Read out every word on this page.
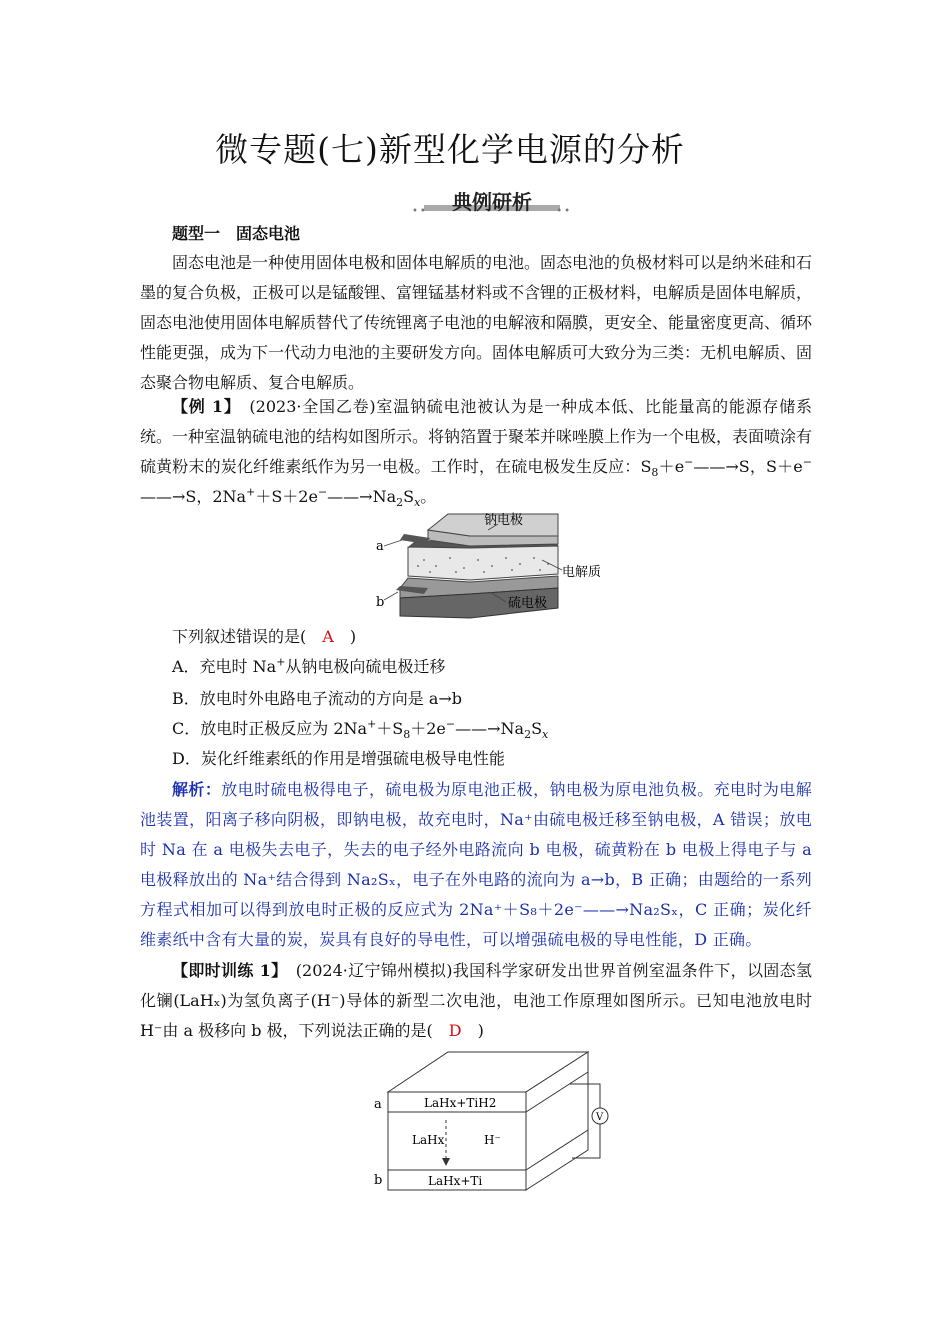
微专题(七)新型化学电源的分析
••	••
典例研析
题型一　固态电池
固态电池是一种使用固体电极和固体电解质的电池。固态电池的负极材料可以是纳米硅和石墨的复合负极，正极可以是锰酸锂、富锂锰基材料或不含锂的正极材料，电解质是固体电解质，固态电池使用固体电解质替代了传统锂离子电池的电解液和隔膜，更安全、能量密度更高、循环性能更强，成为下一代动力电池的主要研发方向。固体电解质可大致分为三类：无机电解质、固态聚合物电解质、复合电解质。
【例 1】　 (2023·全国乙卷)室温钠硫电池被认为是一种成本低、比能量高的能源存储系统。一种室温钠硫电池的结构如图所示。将钠箔置于聚苯并咪唑膜上作为一个电极，表面喷涂有硫黄粉末的炭化纤维素纸作为另一电极。工作时，在硫电极发生反应：$S_8+e^-——\to S$，S＋e−——→S，$2Na^++S+2e^-——\to Na_2S_x$。
a
b
钠电极
电解质
硫电极
下列叙述错误的是(　 A　 )
A．充电时 Na+从钠电极向硫电极迁移
B．放电时外电路电子流动的方向是 a→b
C．放电时正极反应为 $2Na^++S_8+2e^-——\to Na_2S_x$
D．炭化纤维素纸的作用是增强硫电极导电性能
解析：放电时硫电极得电子，硫电极为原电池正极，钠电极为原电池负极。充电时为电解池装置，阳离子移向阴极，即钠电极，故充电时，Na⁺由硫电极迁移至钠电极，A 错误；放电时 Na 在 a 电极失去电子，失去的电子经外电路流向 b 电极，硫黄粉在 b 电极上得电子与 a 电极释放出的 Na⁺结合得到 Na₂Sₓ，电子在外电路的流向为 a→b，B 正确；由题给的一系列方程式相加可以得到放电时正极的反应式为 2Na⁺＋S₈＋2e⁻——→Na₂Sₓ，C 正确；炭化纤维素纸中含有大量的炭，炭具有良好的导电性，可以增强硫电极的导电性能，D 正确。
【即时训练 1】　 (2024·辽宁锦州模拟)我国科学家研发出世界首例室温条件下，以固态氢化镧(LaHₓ)为氢负离子(H⁻)导体的新型二次电池，电池工作原理如图所示。已知电池放电时 H⁻由 a 极移向 b 极，下列说法正确的是(　 D　 )
V
a
b
LaHx+TiH2
LaHx	H⁻
LaHx+Ti
